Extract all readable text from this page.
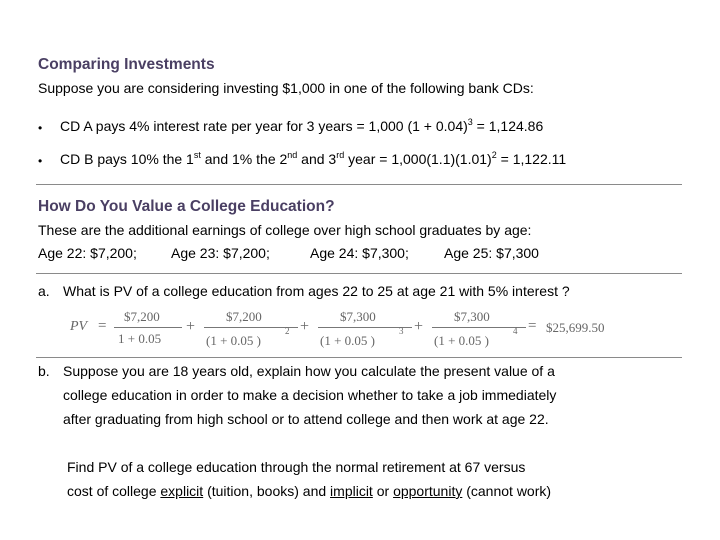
Comparing Investments
Suppose you are considering investing $1,000 in one of the following bank CDs:
• CD A pays 4% interest rate per year for 3 years = 1,000 $(1 + 0.04)^3 = 1,124.86$
• CD B pays 10% the 1st and 1% the 2nd and 3rd year = $1,000(1.1)(1.01)^2 = 1,122.11$
How Do You Value a College Education?
These are the additional earnings of college over high school graduates by age:
Age 22: $7,200; Age 23: $7,200;	Age 24: $7,300;	Age 25: $7,300
a. What is PV of a college education from ages 22 to 25 at age 21 with 5% interest ?
PV =
$7,200
1 + 0.05
+
$7,200
(1 + 0.05 )
2 +
$7,300
(1 + 0.05 )
3 +
$7,300
(1 + 0.05 )
4 = $25,699.50
b. Suppose you are 18 years old, explain how you calculate the present value of a
college education in order to make a decision whether to take a job immediately
after graduating from high school or to attend college and then work at age 22.
Find PV of a college education through the normal retirement at 67 versus
cost of college explicit (tuition, books) and implicit or opportunity (cannot work)
